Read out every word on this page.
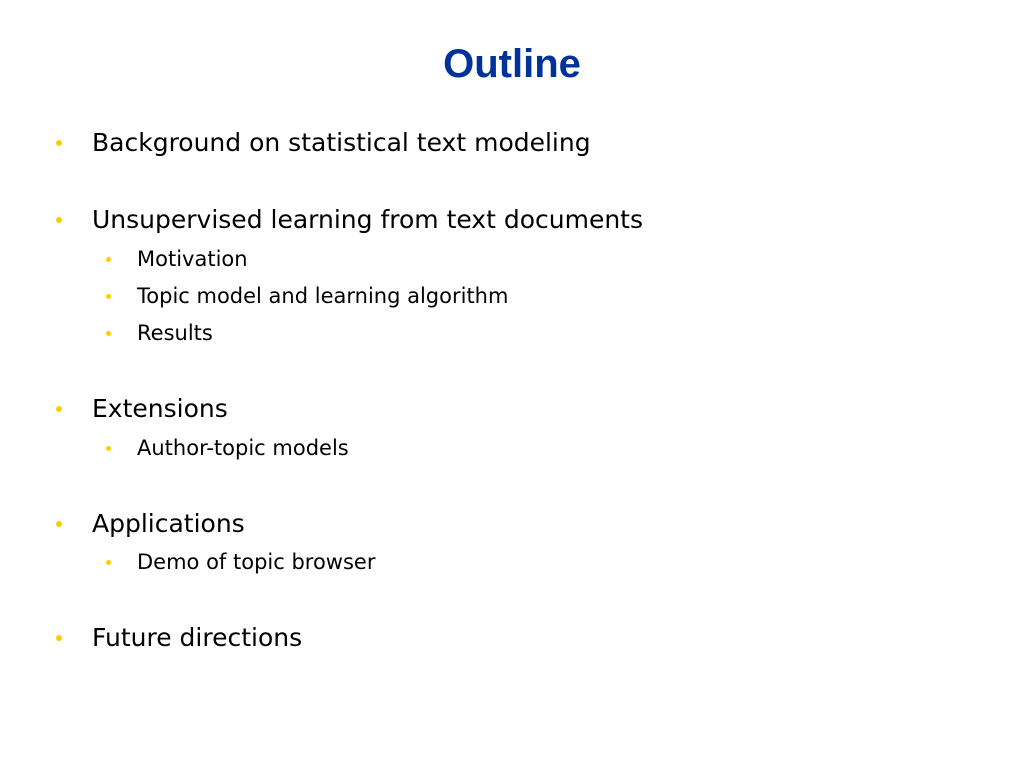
Outline
Background on statistical text modeling
Unsupervised learning from text documents
Motivation
Topic model and learning algorithm
Results
Extensions
Author-topic models
Applications
Demo of topic browser
Future directions
